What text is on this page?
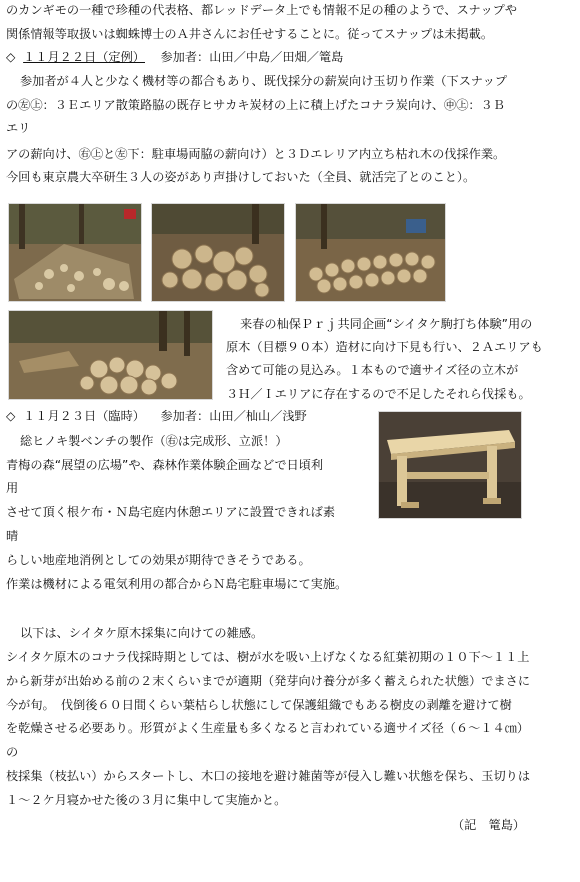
のカンギモの一種で珍種の代表格、都レッドデータ上でも情報不足の種のようで、スナップや
関係情報等取扱いは蜘蛛博士のＡ井さんにお任せすることに。従ってスナップは未掲載。
◇ １１月２２日（定例） 参加者：山田／中島／田畑／篭島
参加者が４人と少なく機材等の都合もあり、既伐採分の薪炭向け玉切り作業（下スナップ
の㊧㊤：３Ｅエリア散策路脇の既存ヒサカキ炭材の上に積上げたコナラ炭向け、㊥㊤：３Ｂ
エリ
アの薪向け、㊨㊤と㊧下：駐車場両脇の薪向け）と３Ｄエレリア内立ち枯れ木の伐採作業。
今回も東京農大卒研生３人の姿があり声掛けしておいた（全員、就活完了とのこと）。
来春の杣保Ｐｒｊ共同企画“シイタケ駒打ち体験”用の
原木（目標９０本）造材に向け下見も行い、２Ａエリアも
含めて可能の見込み。１本もので適サイズ径の立木が
３Ｈ／Ｉエリアに存在するので不足したそれら伐採も。
◇ １１月２３日（臨時） 参加者：山田／杣山／浅野
総ヒノキ製ベンチの製作（㊨は完成形、立派！）
青梅の森“展望の広場”や、森林作業体験企画などで日頃利
用
させて頂く根ケ布・Ｎ島宅庭内休憩エリアに設置できれば素
晴
らしい地産地消例としての効果が期待できそうである。
作業は機材による電気利用の都合からＮ島宅駐車場にて実施。
以下は、シイタケ原木採集に向けての雑感。
シイタケ原木のコナラ伐採時期としては、樹が水を吸い上げなくなる紅葉初期の１０下～１１上
から新芽が出始める前の２末くらいまでが適期（発芽向け養分が多く蓄えられた状態）でまさに
今が旬。　伐倒後６０日間くらい葉枯らし状態にして保護組織でもある樹皮の剥離を避けて樹
を乾燥させる必要あり。形質がよく生産量も多くなると言われている適サイズ径（６～１４㎝）
の
枝採集（枝払い）からスタートし、木口の接地を避け雑菌等が侵入し難い状態を保ち、玉切りは
１～２ケ月寝かせた後の３月に集中して実施かと。
（記　篭島）
